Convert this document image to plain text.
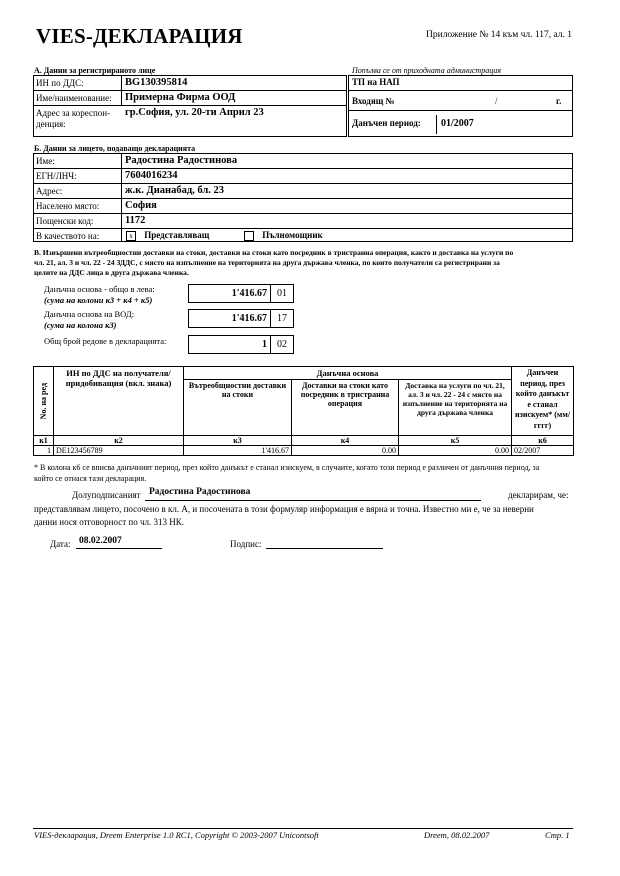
VIES-ДЕКЛАРАЦИЯ	Приложение № 14 към чл. 117, ал. 1
А. Данни за регистрираното лице
ИН по ДДС:	BG130395814
Име/наименование: Примерна Фирма ООД
Адрес за кореспон-
денция:
гр.София, ул. 20-ти Април 23
Попълва се от приходната администрация
ТП на НАП
Входящ №	/	г.
Данъчен период: 01/2007
Б. Данни за лицето, подаващо декларацията
Име:	Радостина Радостинова
ЕГН/ЛНЧ:	7604016234
Адрес:	ж.к. Дианабад, бл. 23
Населено място: София
Пощенски код:	1172
В качеството на:	x Представляващ	Пълномощник
В. Извършени вътреобщностни доставки на стоки, доставки на стоки като посредник в тристранна операция, както и доставка на услуги по
чл. 21, ал. 3 и чл. 22 - 24 ЗДДС, с място на изпълнение на територията на друга държава членка, по които получатели са регистрирани за
целите на ДДС лица в друга държава членка.
Данъчна основа - общо в лева:
(сума на колони к3 + к4 + к5)
1'416.67	01
Данъчна основа на ВОД:
(сума на колона к3)
1'416.67	17
Общ брой редове в декларацията:	1	02
No. на ред	ИН по ДДС на получателя/придобиващия (вкл. знака)	Данъчна основа			Данъчен период, през който данъкът е станал изискуем* (мм/гггг)
		Вътреобщностни доставки на стоки	Доставки на стоки като посредник в тристранна операция	Доставка на услуги по чл. 21, ал. 3 и чл. 22 - 24 с място на изпълнение на територията на друга държава членка	
к1	к2	к3	к4	к5	к6
1	DE123456789	1'416.67	0.00	0.00	02/2007
* В колона к6 се вписва данъчният период, през който данъкът е станал изискуем, в случаите, когато този период е различен от данъчния период, за
който се отнася тази декларация.
Долуподписаният Радостина Радостинова	декларирам, че:
представлявам лицето, посочено в кл. А, и посочената в този формуляр информация е вярна и точна. Известно ми е, че за неверни
данни нося отговорност по чл. 313 НК.
Дата: 08.02.2007	Подпис:
VIES-декларация, Dreem Enterprise 1.0 RC1, Copyright © 2003-2007 Unicontsoft	Dreem, 08.02.2007	Стр. 1
